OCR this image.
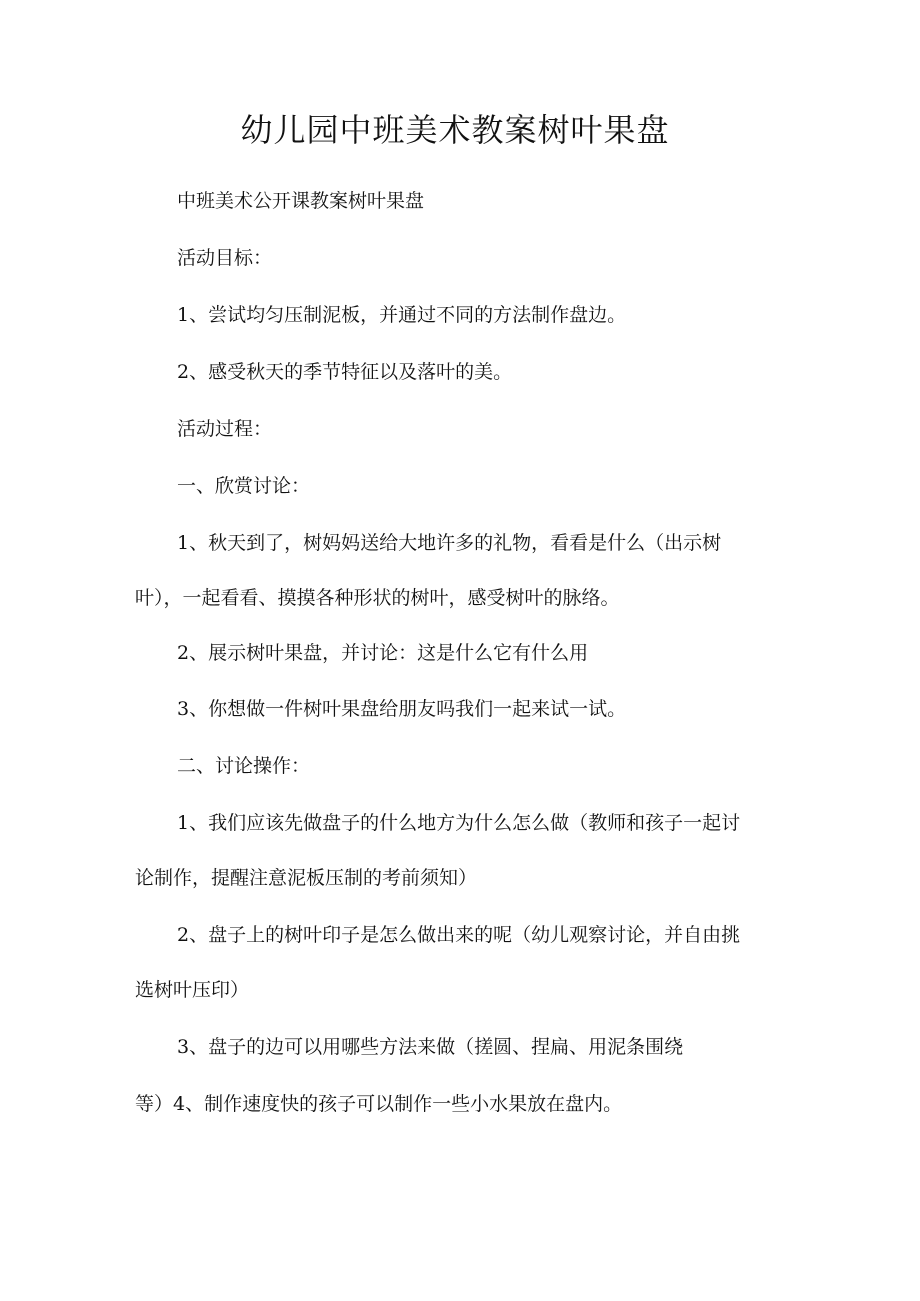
幼儿园中班美术教案树叶果盘

中班美术公开课教案树叶果盘

活动目标：

1、尝试均匀压制泥板，并通过不同的方法制作盘边。

2、感受秋天的季节特征以及落叶的美。

活动过程：

一、欣赏讨论：

1、秋天到了，树妈妈送给大地许多的礼物，看看是什么（出示树

叶），一起看看、摸摸各种形状的树叶，感受树叶的脉络。

2、展示树叶果盘，并讨论：这是什么它有什么用

3、你想做一件树叶果盘给朋友吗我们一起来试一试。

二、讨论操作：

1、我们应该先做盘子的什么地方为什么怎么做（教师和孩子一起讨

论制作，提醒注意泥板压制的考前须知）

2、盘子上的树叶印子是怎么做出来的呢（幼儿观察讨论，并自由挑

选树叶压印）

3、盘子的边可以用哪些方法来做（搓圆、捏扁、用泥条围绕

等）4、制作速度快的孩子可以制作一些小水果放在盘内。
